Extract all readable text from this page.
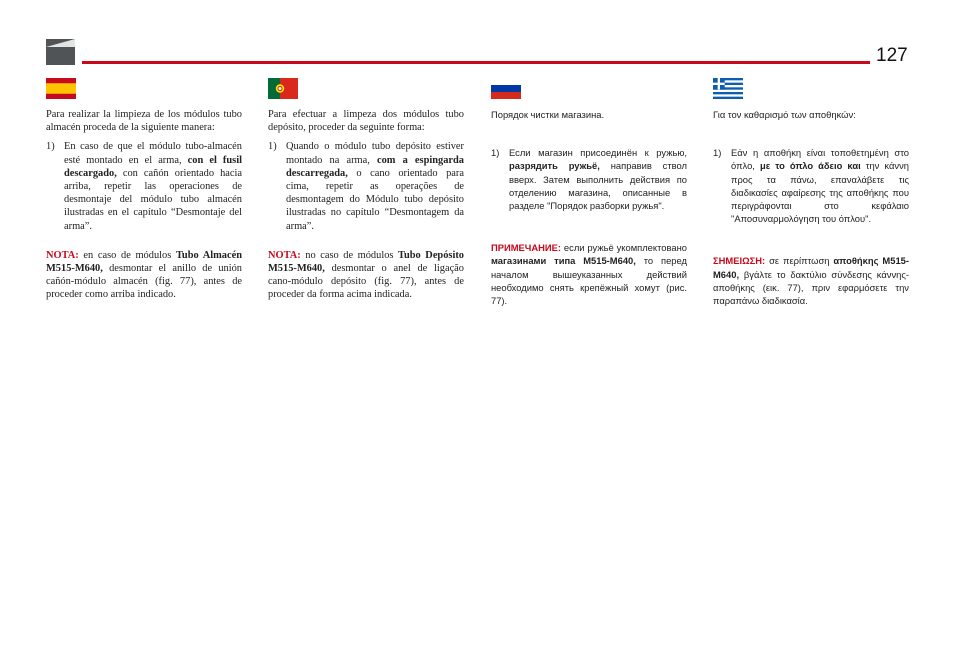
127

Para realizar la limpieza de los módulos tubo almacén proceda de la siguiente manera:

1) En caso de que el módulo tubo-almacén esté montado en el arma, con el fusil descargado, con cañón orientado hacia arriba, repetir las operaciones de desmontaje del módulo tubo almacén ilustradas en el capítulo “Desmontaje del arma”.

NOTA: en caso de módulos Tubo Almacén M515-M640, desmontar el anillo de unión cañón-módulo almacén (fig. 77), antes de proceder como arriba indicado.

Para efectuar a limpeza dos módulos tubo depósito, proceder da seguinte forma:

1) Quando o módulo tubo depósito estiver montado na arma, com a espingarda descarregada, o cano orientado para cima, repetir as operações de desmontagem do Módulo tubo depósito ilustradas no capítulo “Desmontagem da arma”.

NOTA: no caso de módulos Tubo Depósito M515-M640, desmontar o anel de ligação cano-módulo depósito (fig. 77), antes de proceder da forma acima indicada.

Порядок чистки магазина.

1)	Если магазин присоединён к ружью, разрядить ружьё, направив ствол вверх. Затем выполнить действия по отделению магазина, описанные в разделе "Порядок разборки ружья".

ПРИМЕЧАНИЕ: если ружьё укомплектовано магазинами типа M515-M640, то перед началом вышеуказанных действий необходимо снять крепёжный хомут (рис. 77).

Για τον καθαρισμό των αποθηκών:

1)	Εάν η αποθήκη είναι τοποθετημένη στο όπλο, με το όπλο άδειο και την κάννη προς τα πάνω, επαναλάβετε τις διαδικασίες αφαίρεσης της αποθήκης που περιγράφονται στο κεφάλαιο "Αποσυναρμολόγηση του όπλου".

ΣΗΜΕΙΩΣΗ: σε περίπτωση αποθήκης M515-M640, βγάλτε το δακτύλιο σύνδεσης κάννης-αποθήκης (εικ. 77), πριν εφαρμόσετε την παραπάνω διαδικασία.
